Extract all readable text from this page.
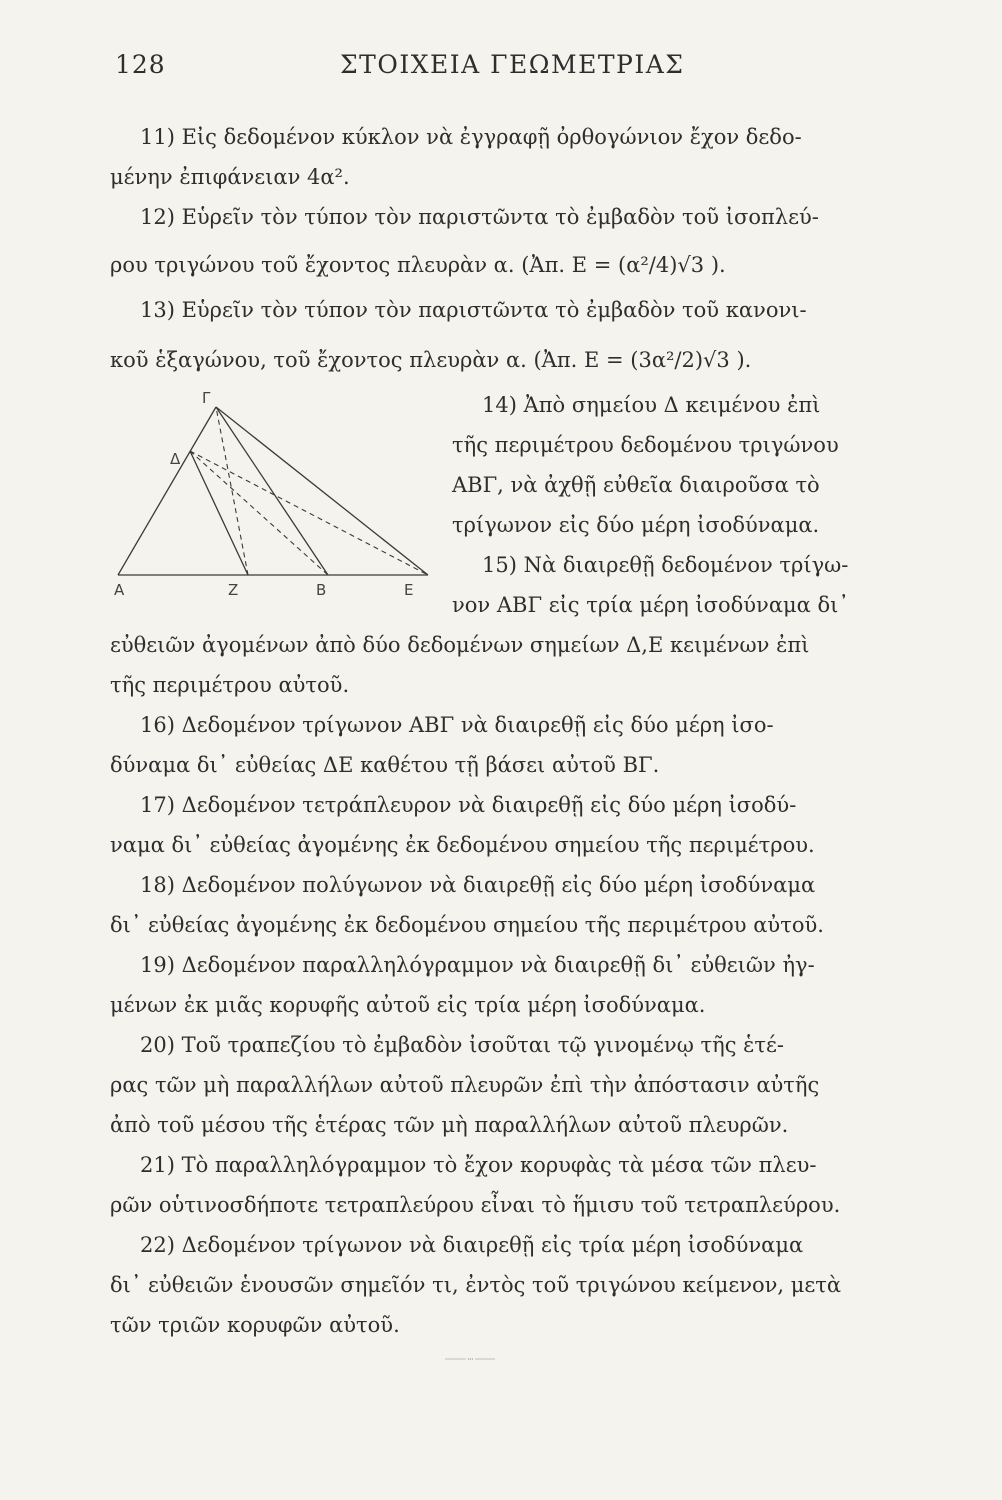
128	ΣΤΟΙΧΕΙΑ ΓΕΩΜΕΤΡΙΑΣ
11) Εἰς δεδομένον κύκλον νὰ ἐγγραφῇ ὀρθογώνιον ἔχον δεδο-
μένην ἐπιφάνειαν 4α².
12) Εὑρεῖν τὸν τύπον τὸν παριστῶντα τὸ ἐμβαδὸν τοῦ ἰσοπλεύ-
ρου τριγώνου τοῦ ἔχοντος πλευρὰν α. (Ἀπ. Ε = (α²/4)√3 ).
13) Εὑρεῖν τὸν τύπον τὸν παριστῶντα τὸ ἐμβαδὸν τοῦ κανονι-
κοῦ ἑξαγώνου, τοῦ ἔχοντος πλευρὰν α. (Ἀπ. Ε = (3α²/2)√3 ).
Γ
Δ
Α	Ζ	Β	Ε
14) Ἀπὸ σημείου Δ κειμένου ἐπὶ
τῆς περιμέτρου δεδομένου τριγώνου
ΑΒΓ, νὰ ἀχθῇ εὐθεῖα διαιροῦσα τὸ
τρίγωνον εἰς δύο μέρη ἰσοδύναμα.
15) Νὰ διαιρεθῇ δεδομένον τρίγω-
νον ΑΒΓ εἰς τρία μέρη ἰσοδύναμα δι᾽
εὐθειῶν ἀγομένων ἀπὸ δύο δεδομένων σημείων Δ,Ε κειμένων ἐπὶ
τῆς περιμέτρου αὐτοῦ.
16) Δεδομένον τρίγωνον ΑΒΓ νὰ διαιρεθῇ εἰς δύο μέρη ἰσο-
δύναμα δι᾽ εὐθείας ΔΕ καθέτου τῇ βάσει αὐτοῦ ΒΓ.
17) Δεδομένον τετράπλευρον νὰ διαιρεθῇ εἰς δύο μέρη ἰσοδύ-
ναμα δι᾽ εὐθείας ἀγομένης ἐκ δεδομένου σημείου τῆς περιμέτρου.
18) Δεδομένον πολύγωνον νὰ διαιρεθῇ εἰς δύο μέρη ἰσοδύναμα
δι᾽ εὐθείας ἀγομένης ἐκ δεδομένου σημείου τῆς περιμέτρου αὐτοῦ.
19) Δεδομένον παραλληλόγραμμον νὰ διαιρεθῇ δι᾽ εὐθειῶν ἠγ-
μένων ἐκ μιᾶς κορυφῆς αὐτοῦ εἰς τρία μέρη ἰσοδύναμα.
20) Τοῦ τραπεζίου τὸ ἐμβαδὸν ἰσοῦται τῷ γινομένῳ τῆς ἑτέ-
ρας τῶν μὴ παραλλήλων αὐτοῦ πλευρῶν ἐπὶ τὴν ἀπόστασιν αὐτῆς
ἀπὸ τοῦ μέσου τῆς ἑτέρας τῶν μὴ παραλλήλων αὐτοῦ πλευρῶν.
21) Τὸ παραλληλόγραμμον τὸ ἔχον κορυφὰς τὰ μέσα τῶν πλευ-
ρῶν οὑτινοσδήποτε τετραπλεύρου εἶναι τὸ ἥμισυ τοῦ τετραπλεύρου.
22) Δεδομένον τρίγωνον νὰ διαιρεθῇ εἰς τρία μέρη ἰσοδύναμα
δι᾽ εὐθειῶν ἑνουσῶν σημεῖόν τι, ἐντὸς τοῦ τριγώνου κείμενον, μετὰ
τῶν τριῶν κορυφῶν αὐτοῦ.
